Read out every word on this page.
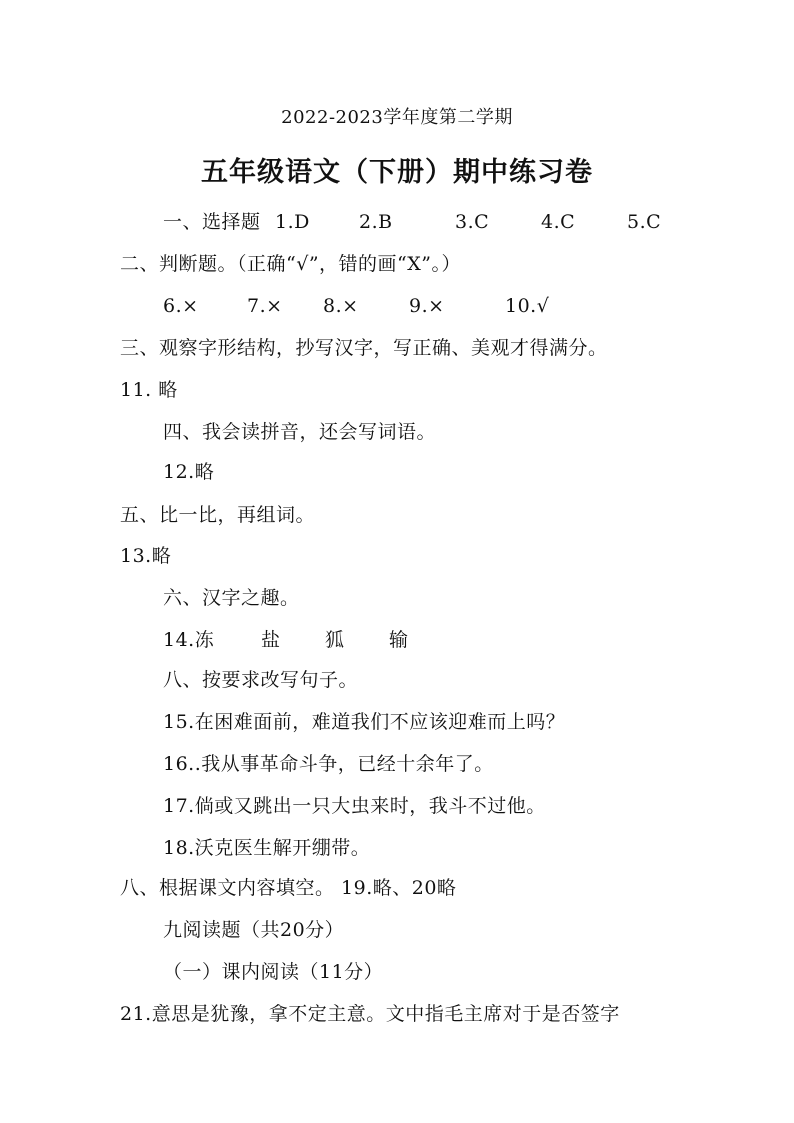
2022-2023学年度第二学期
五年级语文（下册）期中练习卷
一、选择题 1.D	2.B	3.C	4.C	5.C
二、判断题。（正确“√”，错的画“X”。）
6.×	7.× 8.×	9.×	10.√
三、观察字形结构，抄写汉字，写正确、美观才得满分。
11. 略
四、我会读拼音，还会写词语。
12.略
五、比一比，再组词。
13.略
六、汉字之趣。
14.冻 盐 狐 输
八、按要求改写句子。
15.在困难面前，难道我们不应该迎难而上吗？
16..我从事革命斗争，已经十余年了。
17.倘或又跳出一只大虫来时，我斗不过他。
18.沃克医生解开绷带。
八、根据课文内容填空。 19.略、20略
九阅读题（共20分）
（一）课内阅读（11分）
21.意思是犹豫，拿不定主意。文中指毛主席对于是否签字
